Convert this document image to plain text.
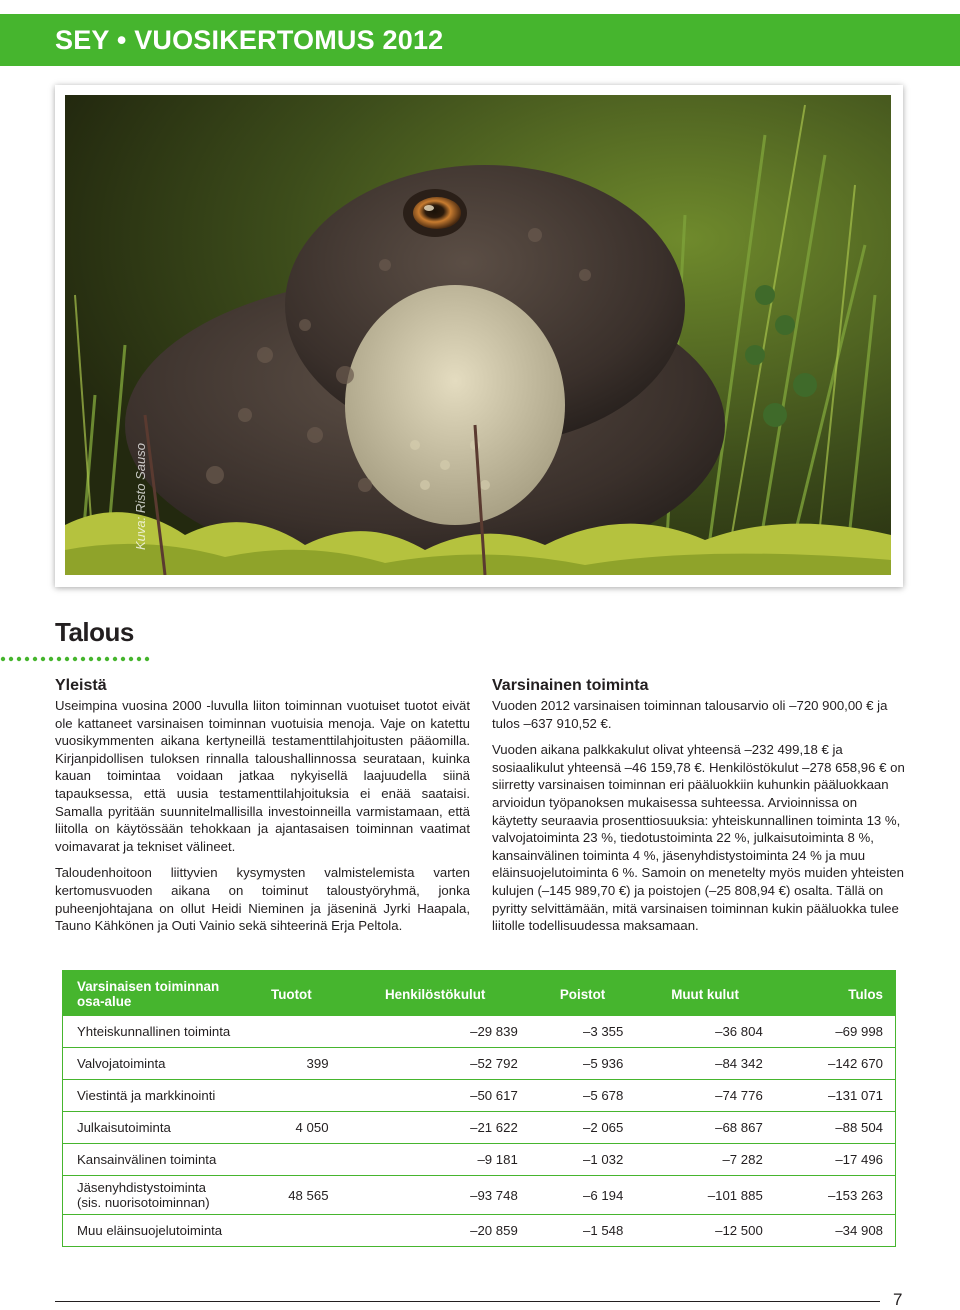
SEY • VUOSIKERTOMUS 2012
Kuva: Risto Sauso
Talous
Yleistä

Useimpina vuosina 2000 -luvulla liiton toiminnan vuotuiset tuotot eivät ole kattaneet varsinaisen toiminnan vuotuisia menoja. Vaje on katettu vuosikymmenten aikana kertyneillä testamenttilahjoitusten pääomilla. Kirjanpidollisen tuloksen rinnalla taloushallinnossa seurataan, kuinka kauan toimintaa voidaan jatkaa nykyisellä laajuudella siinä tapauksessa, että uusia testamenttilahjoituksia ei enää saataisi. Samalla pyritään suunnitelmallisilla investoinneilla varmistamaan, että liitolla on käytössään tehokkaan ja ajantasaisen toiminnan vaatimat voimavarat ja tekniset välineet.

Taloudenhoitoon liittyvien kysymysten valmistelemista varten kertomusvuoden aikana on toiminut taloustyöryhmä, jonka puheenjohtajana on ollut Heidi Nieminen ja jäseninä Jyrki Haapala, Tauno Kähkönen ja Outi Vainio sekä sihteerinä Erja Peltola.

Varsinainen toiminta

Vuoden 2012 varsinaisen toiminnan talousarvio oli –720 900,00 € ja tulos –637 910,52 €.

Vuoden aikana palkkakulut olivat yhteensä –232 499,18 € ja sosiaalikulut yhteensä –46 159,78 €. Henkilöstökulut –278 658,96 € on siirretty varsinaisen toiminnan eri pääluokkiin kuhunkin pääluokkaan arvioidun työpanoksen mukaisessa suhteessa. Arvioinnissa on käytetty seuraavia prosenttiosuuksia: yhteiskunnallinen toiminta 13 %, valvojatoiminta 23 %, tiedotustoiminta 22 %, julkaisutoiminta 8 %, kansainvälinen toiminta 4 %, jäsenyhdistystoiminta 24 % ja muu eläinsuojelutoiminta 6 %. Samoin on menetelty myös muiden yhteisten kulujen (–145 989,70 €) ja poistojen (–25 808,94 €) osalta. Tällä on pyritty selvittämään, mitä varsinaisen toiminnan kukin pääluokka tulee liitolle todellisuudessa maksamaan.

Varsinaisen toiminnan osa-alue	Tuotot	Henkilöstökulut	Poistot	Muut kulut	Tulos
Yhteiskunnallinen toiminta		–29 839	–3 355	–36 804	–69 998
Valvojatoiminta	399	–52 792	–5 936	–84 342	–142 670
Viestintä ja markkinointi		–50 617	–5 678	–74 776	–131 071
Julkaisutoiminta	4 050	–21 622	–2 065	–68 867	–88 504
Kansainvälinen toiminta		–9 181	–1 032	–7 282	–17 496
Jäsenyhdistystoiminta (sis. nuorisotoiminnan)	48 565	–93 748	–6 194	–101 885	–153 263
Muu eläinsuojelutoiminta		–20 859	–1 548	–12 500	–34 908
7
